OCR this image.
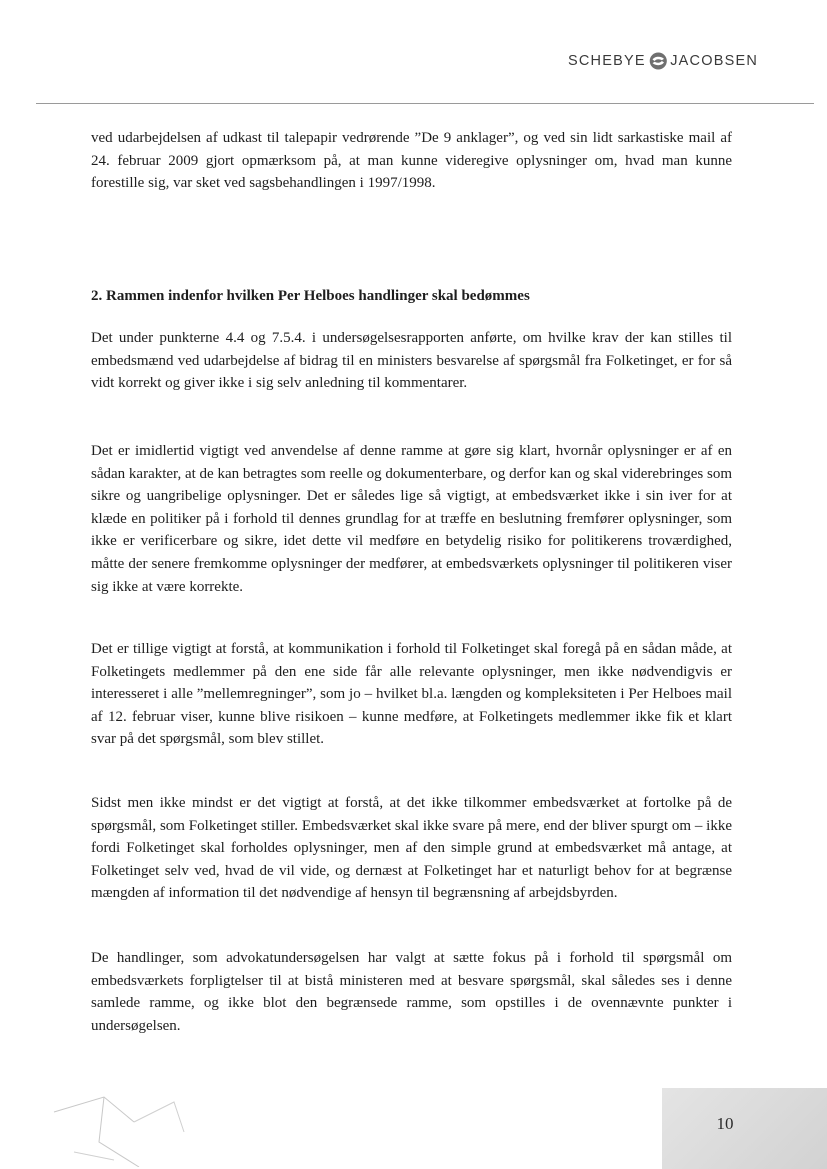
SCHEBYE JACOBSEN

ved udarbejdelsen af udkast til talepapir vedrørende ”De 9 anklager”, og ved sin lidt sarkastiske mail af 24. februar 2009 gjort opmærksom på, at man kunne videregive oplysninger om, hvad man kunne forestille sig, var sket ved sagsbehandlingen i 1997/1998.

2. Rammen indenfor hvilken Per Helboes handlinger skal bedømmes

Det under punkterne 4.4 og 7.5.4. i undersøgelsesrapporten anførte, om hvilke krav der kan stilles til embedsmænd ved udarbejdelse af bidrag til en ministers besvarelse af spørgsmål fra Folketinget, er for så vidt korrekt og giver ikke i sig selv anledning til kommentarer.

Det er imidlertid vigtigt ved anvendelse af denne ramme at gøre sig klart, hvornår oplysninger er af en sådan karakter, at de kan betragtes som reelle og dokumenterbare, og derfor kan og skal viderebringes som sikre og uangribelige oplysninger. Det er således lige så vigtigt, at embedsværket ikke i sin iver for at klæde en politiker på i forhold til dennes grundlag for at træffe en beslutning fremfører oplysninger, som ikke er verificerbare og sikre, idet dette vil medføre en betydelig risiko for politikerens troværdighed, måtte der senere fremkomme oplysninger der medfører, at embedsværkets oplysninger til politikeren viser sig ikke at være korrekte.

Det er tillige vigtigt at forstå, at kommunikation i forhold til Folketinget skal foregå på en sådan måde, at Folketingets medlemmer på den ene side får alle relevante oplysninger, men ikke nødvendigvis er interesseret i alle ”mellemregninger”, som jo – hvilket bl.a. længden og kompleksiteten i Per Helboes mail af 12. februar viser, kunne blive risikoen – kunne medføre, at Folketingets medlemmer ikke fik et klart svar på det spørgsmål, som blev stillet.

Sidst men ikke mindst er det vigtigt at forstå, at det ikke tilkommer embedsværket at fortolke på de spørgsmål, som Folketinget stiller. Embedsværket skal ikke svare på mere, end der bliver spurgt om – ikke fordi Folketinget skal forholdes oplysninger, men af den simple grund at embedsværket må antage, at Folketinget selv ved, hvad de vil vide, og dernæst at Folketinget har et naturligt behov for at begrænse mængden af information til det nødvendige af hensyn til begrænsning af arbejdsbyrden.

De handlinger, som advokatundersøgelsen har valgt at sætte fokus på i forhold til spørgsmål om embedsværkets forpligtelser til at bistå ministeren med at besvare spørgsmål, skal således ses i denne samlede ramme, og ikke blot den begrænsede ramme, som opstilles i de ovennævnte punkter i undersøgelsen.

10
